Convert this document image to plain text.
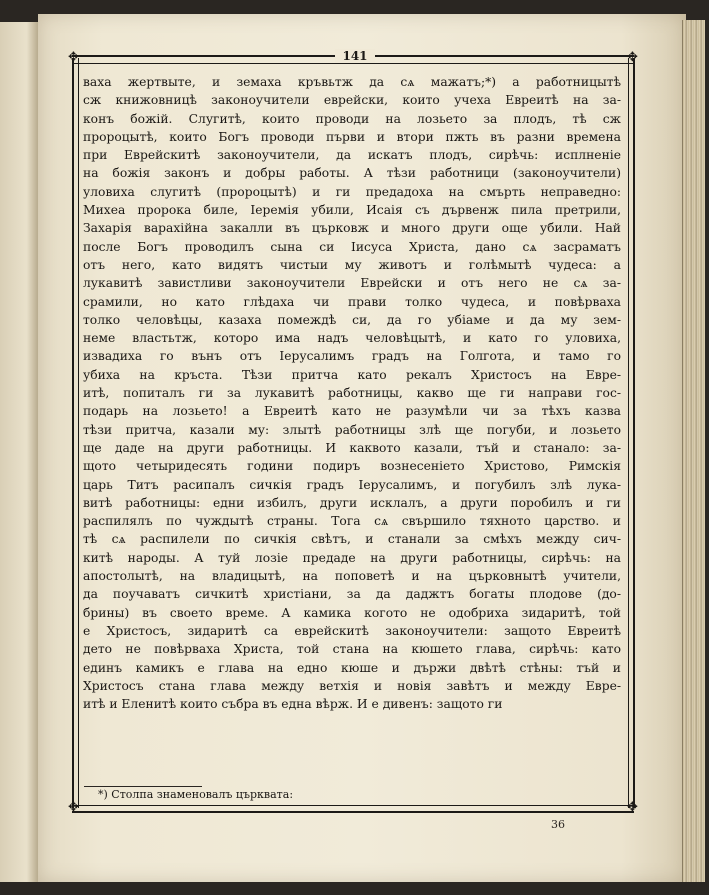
✥	✥
✥	✥
141
ваха жертвыте, и земаха кръвьтж да сѧ мажатъ;*) а работницытѣ
сж книжовницѣ законоучители еврейски, които учеха Евреитѣ на за-
конъ божій. Слугитѣ, които проводи на лозьето за плодъ, тѣ сж
пророцытѣ, които Богъ проводи първи и втори пжть въ разни времена
при Еврейскитѣ законоучители, да искатъ плодъ, сирѣчь: исплненіе
на божія законъ и добры работы. А тѣзи работници (законоучители)
уловиха слугитѣ (пророцытѣ) и ги предадоха на смърть неправедно:
Михеа пророка биле, Іеремія убили, Исаія съ дървенж пила претрили,
Захарія варахійна закалли въ църковж и много други още убили. Най
после Богъ проводилъ сына си Іисуса Христа, дано сѧ засраматъ
отъ него, като видятъ чистыи му животъ и голѣмытѣ чудеса: а
лукавитѣ завистливи законоучители Еврейски и отъ него не сѧ за-
срамили, но като глѣдаха чи прави толко чудеса, и повѣрваха
толко человѣцы, казаха помеждѣ си, да го убіаме и да му зем-
неме властьтж, которо има надъ человѣцытѣ, и като го уловиха,
извадиха го вънъ отъ Іерусалимъ градъ на Голгота, и тамо го
убиха на кръста. Тѣзи притча като рекалъ Христосъ на Евре-
итѣ, попиталъ ги за лукавитѣ работницы, какво ще ги направи гос-
подарь на лозьето! а Евреитѣ като не разумѣли чи за тѣхъ казва
тѣзи притча, казали му: злытѣ работницы злѣ ще погуби, и лозьето
ще даде на други работницы. И каквото казали, тъй и станало: за-
щото четыридесять години подиръ вознесеніето Христово, Римскія
царь Титъ расипалъ сичкія градъ Іерусалимъ, и погубилъ злѣ лука-
витѣ работницы: едни избилъ, други исклалъ, а други поробилъ и ги
распилялъ по чуждытѣ страны. Тога сѧ свършило тяхното царство. и
тѣ сѧ распилели по сичкія свѣтъ, и станали за смѣхъ между сич-
китѣ народы. А туй лозіе предаде на други работницы, сирѣчь: на
апостолытѣ, на владицытѣ, на поповетѣ и на църковнытѣ учители,
да поучаватъ сичкитѣ христіани, за да даджтъ богаты плодове (до-
брины) въ своето време. А камика когото не одобриха зидаритѣ, той
е Христосъ, зидаритѣ са еврейскитѣ законоучители: защото Евреитѣ
дето не повѣрваха Христа, той стана на кюшето глава, сирѣчь: като
единъ камикъ е глава на едно кюше и държи двѣтѣ стѣны: тъй и
Христосъ стана глава между ветхія и новія завѣтъ и между Евре-
итѣ и Еленитѣ които събра въ една вѣрж. И е дивенъ: защото ги
*) Столпа знаменовалъ църквата:
36
